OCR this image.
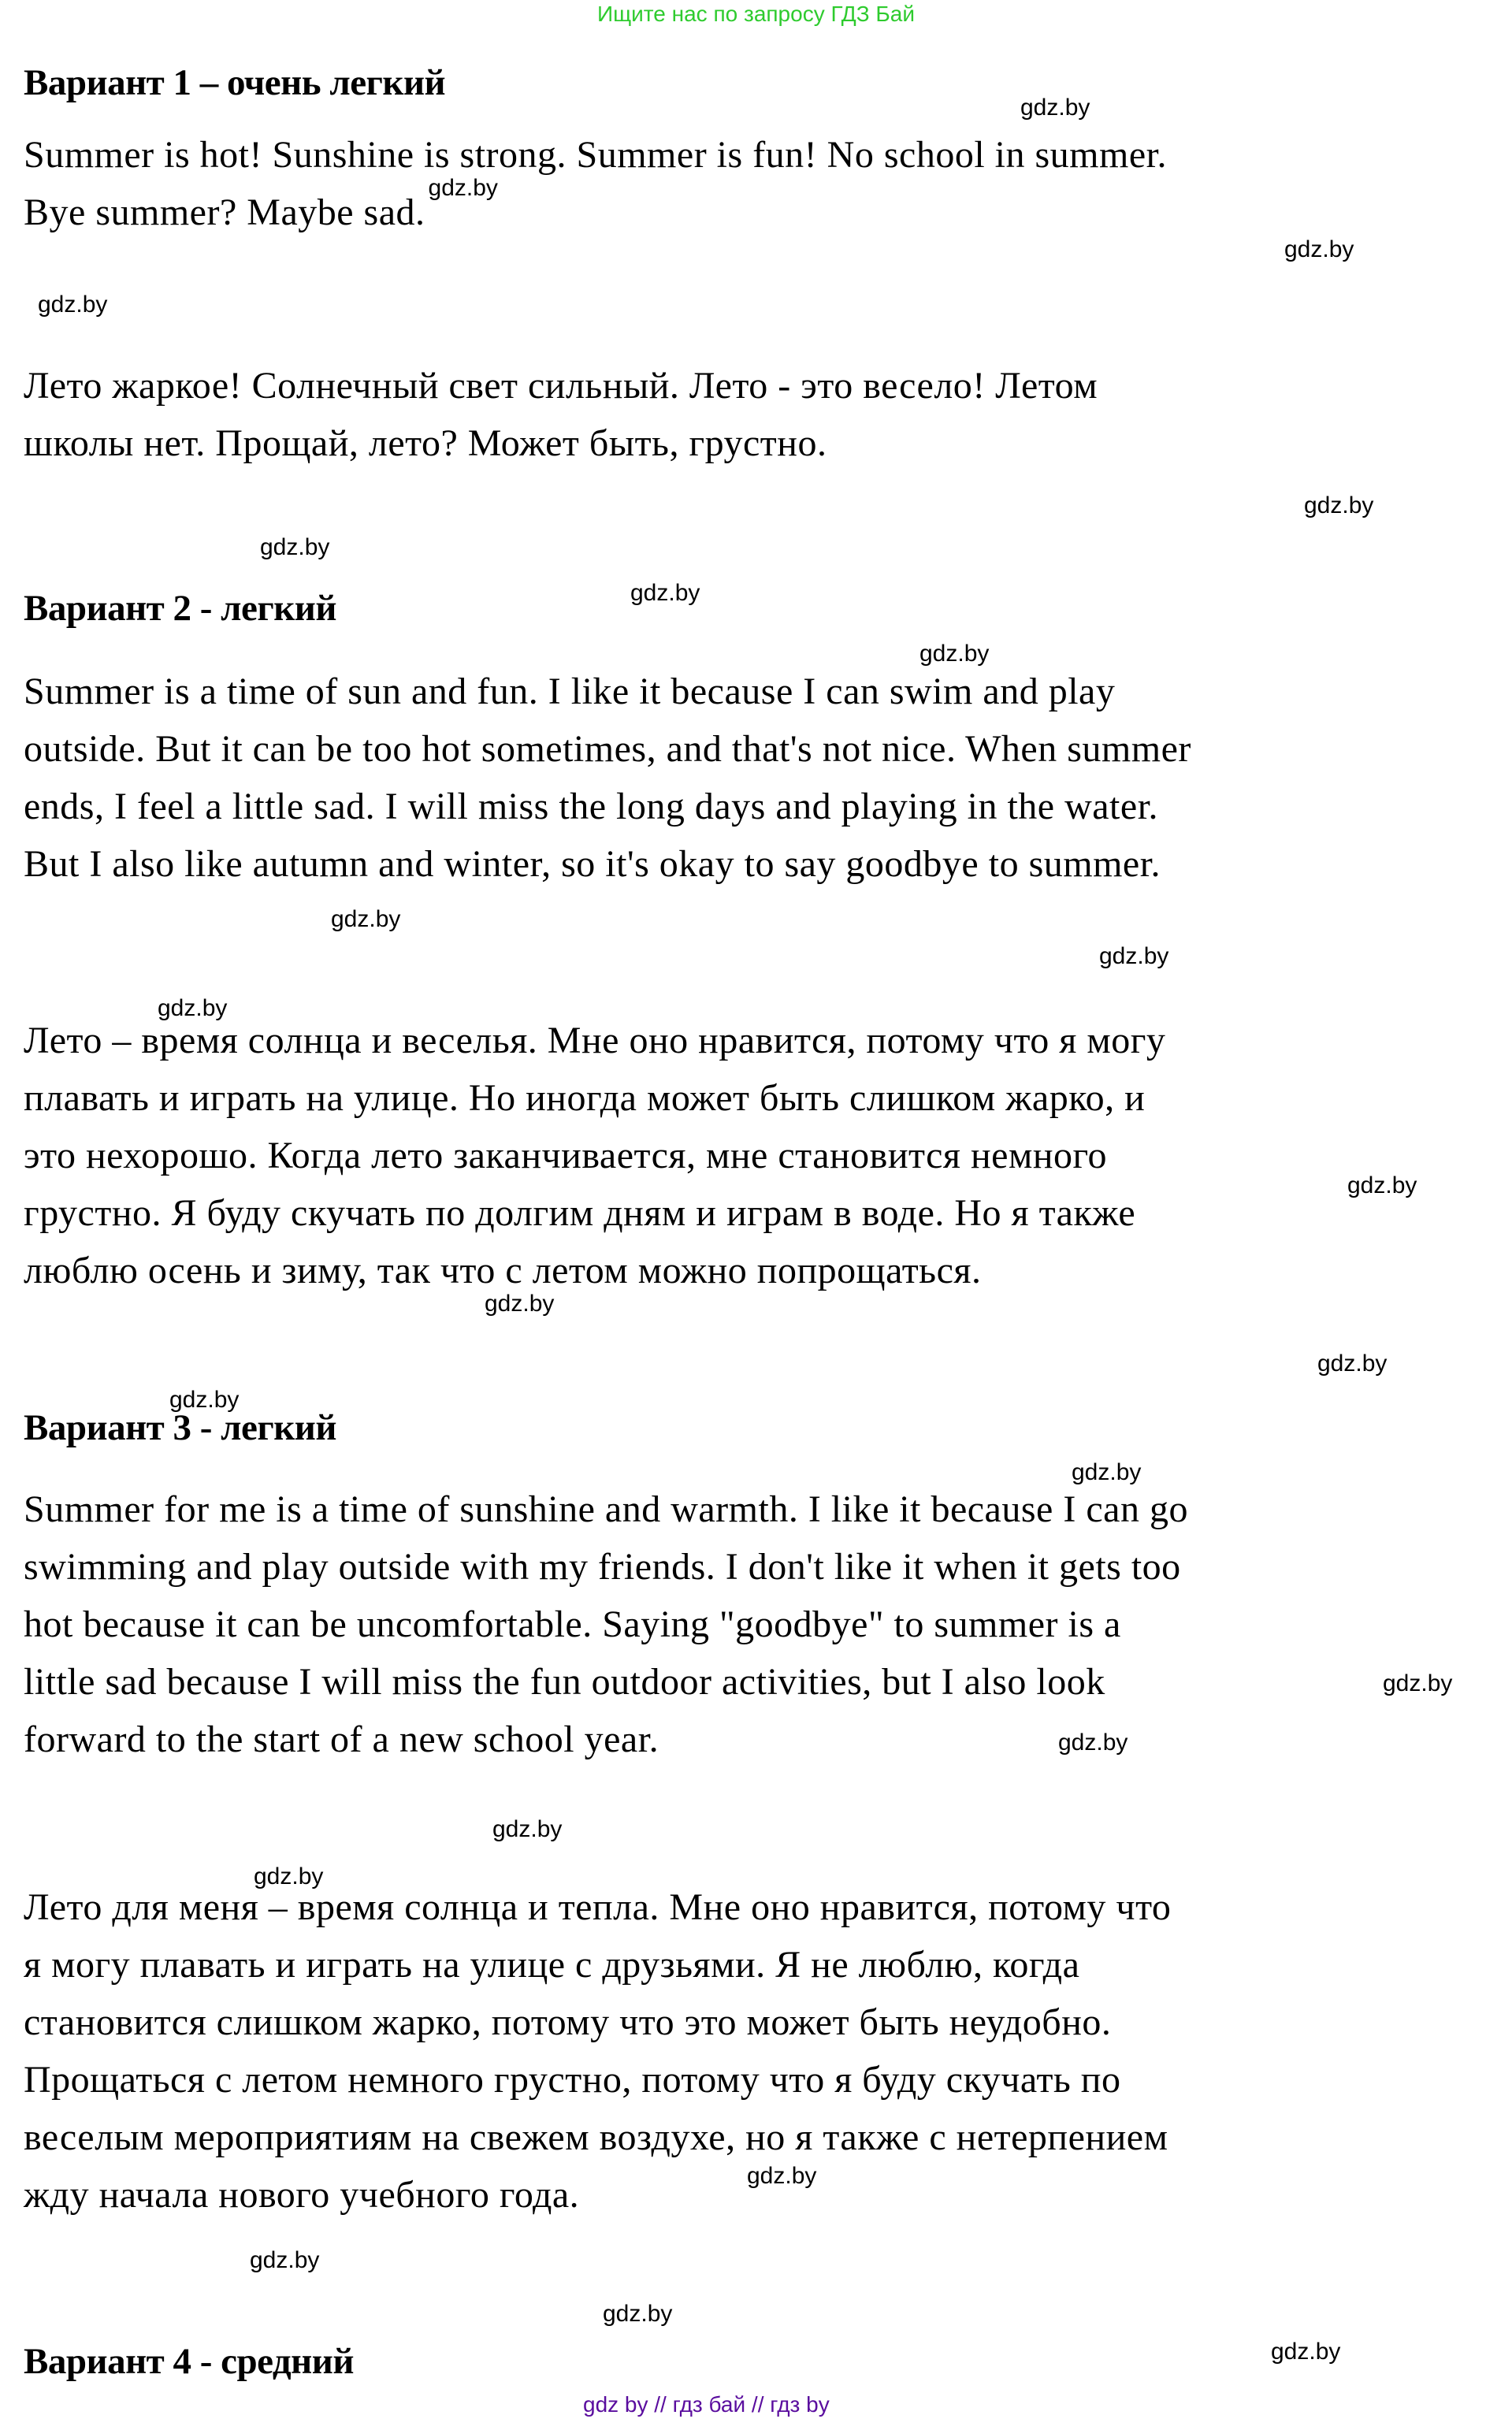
Ищите нас по запросу ГДЗ Бай
Вариант 1 – очень легкий
Summer is hot! Sunshine is strong. Summer is fun! No school in summer.
Bye summer? Maybe sad.$^{gdz.by}$
Лето жаркое! Солнечный свет сильный. Лето - это весело! Летом
школы нет. Прощай, лето? Может быть, грустно.
Вариант 2 - легкий
Summer is a time of sun and fun. I like it because I can swim and play
outside. But it can be too hot sometimes, and that's not nice. When summer
ends, I feel a little sad. I will miss the long days and playing in the water.
But I also like autumn and winter, so it's okay to say goodbye to summer.
Лето – время солнца и веселья. Мне оно нравится, потому что я могу
плавать и играть на улице. Но иногда может быть слишком жарко, и
это нехорошо. Когда лето заканчивается, мне становится немного
грустно. Я буду скучать по долгим дням и играм в воде. Но я также
люблю осень и зиму, так что с летом можно попрощаться.
Вариант 3 - легкий
Summer for me is a time of sunshine and warmth. I like it because I can go
swimming and play outside with my friends. I don't like it when it gets too
hot because it can be uncomfortable. Saying "goodbye" to summer is a
little sad because I will miss the fun outdoor activities, but I also look
forward to the start of a new school year.
Лето для меня – время солнца и тепла. Мне оно нравится, потому что
я могу плавать и играть на улице с друзьями. Я не люблю, когда
становится слишком жарко, потому что это может быть неудобно.
Прощаться с летом немного грустно, потому что я буду скучать по
веселым мероприятиям на свежем воздухе, но я также с нетерпением
жду начала нового учебного года.
Вариант 4 - средний
gdz.by
gdz.by
gdz.by
gdz.by
gdz.by
gdz.by
gdz.by
gdz.by
gdz.by
gdz.by
gdz.by
gdz.by
gdz.by
gdz.by
gdz.by
gdz.by
gdz.by
gdz.by
gdz.by
gdz.by
gdz.by
gdz.by
gdz.by
gdz by // гдз бай // гдз by
